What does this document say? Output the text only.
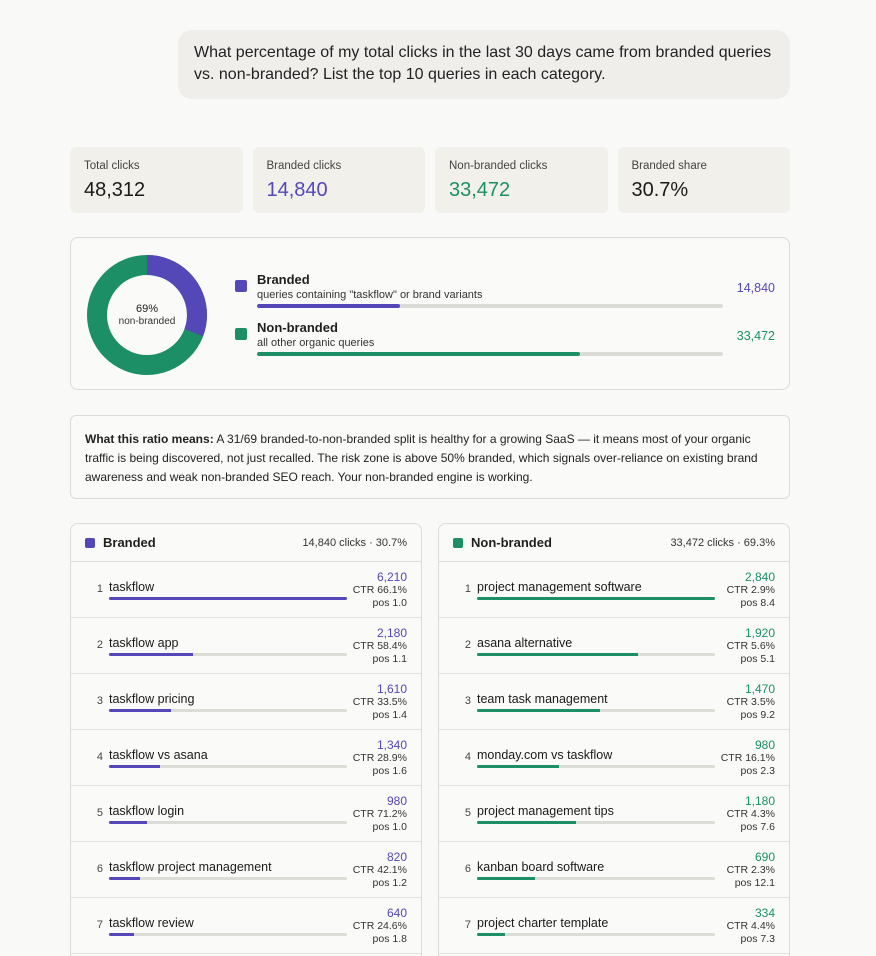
What percentage of my total clicks in the last 30 days came from branded queries vs. non-branded? List the top 10 queries in each category.
Total clicks
48,312
Branded clicks
14,840
Non-branded clicks
33,472
Branded share
30.7%
69%
non-branded
Branded
queries containing "taskflow" or brand variants	14,840
Non-branded
all other organic queries	33,472
What this ratio means: A 31/69 branded-to-non-branded split is healthy for a growing SaaS — it means most of your organic traffic is being discovered, not just recalled. The risk zone is above 50% branded, which signals over-reliance on existing brand awareness and weak non-branded SEO reach. Your non-branded engine is working.
Branded	14,840 clicks · 30.7%
1 taskflow
6,210
CTR 66.1%
pos 1.0
2 taskflow app
2,180
CTR 58.4%
pos 1.1
3 taskflow pricing
1,610
CTR 33.5%
pos 1.4
4 taskflow vs asana
1,340
CTR 28.9%
pos 1.6
5 taskflow login
980
CTR 71.2%
pos 1.0
6 taskflow project management
820
CTR 42.1%
pos 1.2
7 taskflow review
640
CTR 24.6%
pos 1.8
Non-branded	33,472 clicks · 69.3%
1 project management software
2,840
CTR 2.9%
pos 8.4
2 asana alternative
1,920
CTR 5.6%
pos 5.1
3 team task management
1,470
CTR 3.5%
pos 9.2
4 monday.com vs taskflow
980
CTR 16.1%
pos 2.3
5 project management tips
1,180
CTR 4.3%
pos 7.6
6 kanban board software
690
CTR 2.3%
pos 12.1
7 project charter template
334
CTR 4.4%
pos 7.3
